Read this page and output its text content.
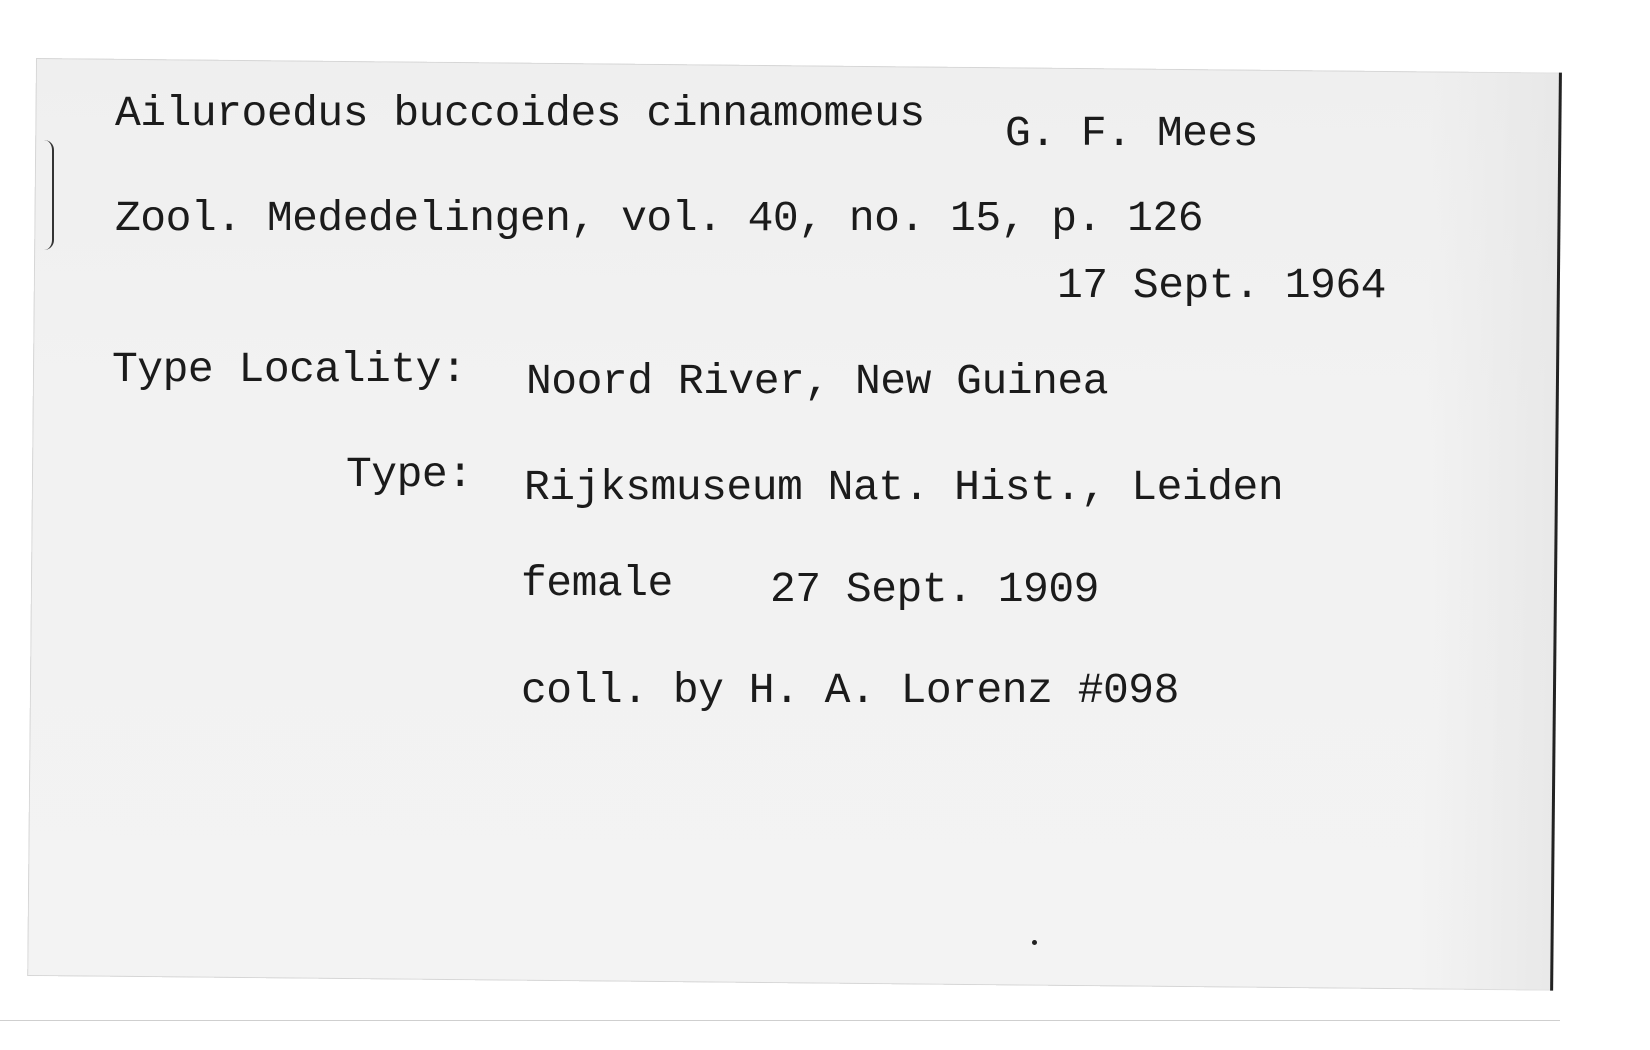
Ailuroedus buccoides cinnamomeus G. F. Mees
Zool. Mededelingen, vol. 40, no. 15, p. 126
17 Sept. 1964
Type Locality: Noord River, New Guinea
Type: Rijksmuseum Nat. Hist., Leiden
female 27 Sept. 1909
coll. by H. A. Lorenz #098
